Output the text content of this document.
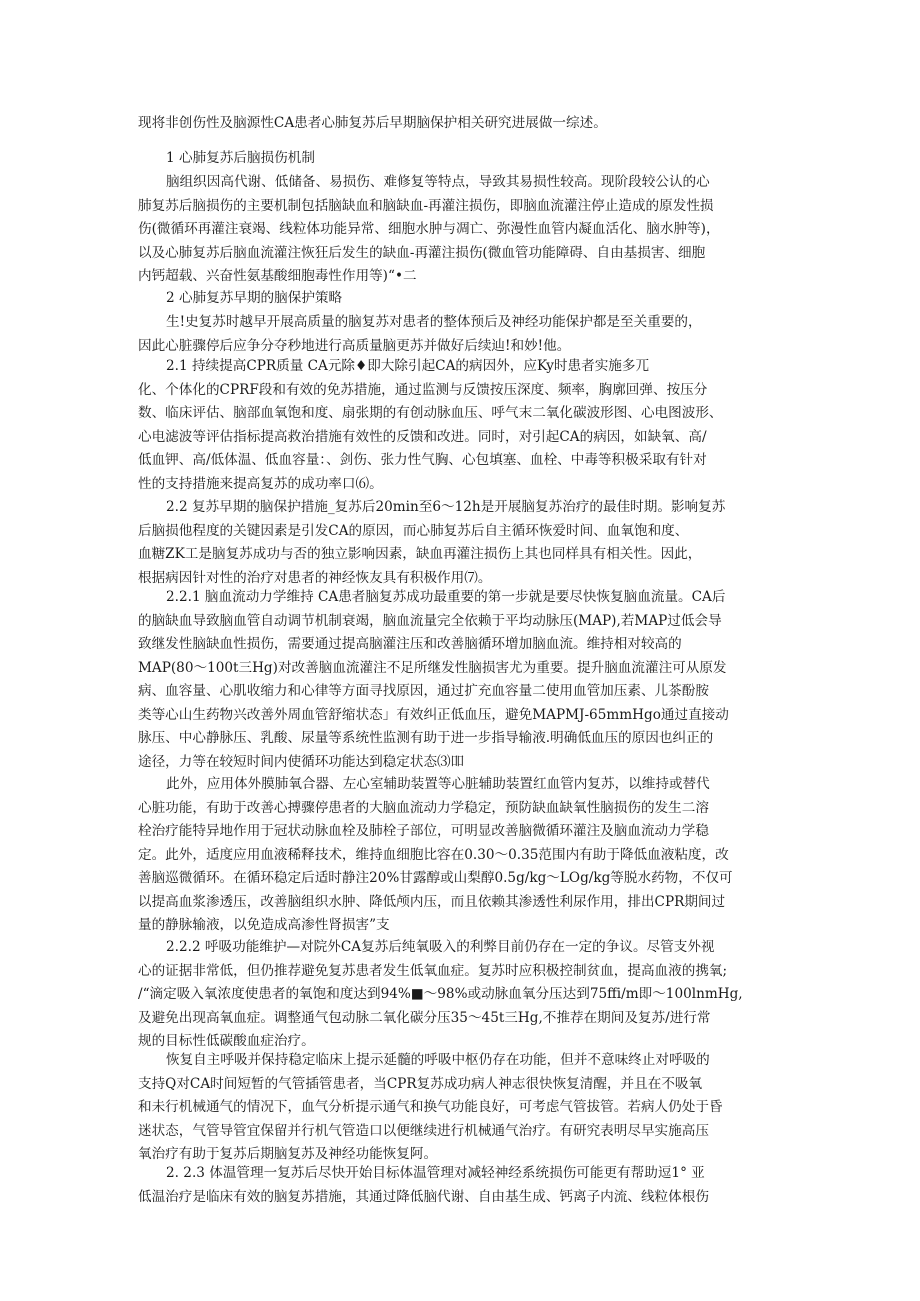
现将非创伤性及脑源性CA患者心肺复苏后早期脑保护相关研究进展做一综述。
1 心肺复苏后脑损伤机制
脑组织因高代谢、低储备、易损伤、难修复等特点，导致其易损性较高。现阶段较公认的心
肺复苏后脑损伤的主要机制包括脑缺血和脑缺血-再灌注损伤，即脑血流灌注停止造成的原发性损
伤(微循环再灌注衰竭、线粒体功能异常、细胞水肿与凋亡、弥漫性血管内凝血活化、脑水肿等)，
以及心肺复苏后脑血流灌注恢狂后发生的缺血-再灌注损伤(微血管功能障碍、自由基损害、细胞
内钙超载、兴奋性氨基酸细胞毒性作用等)“•二
2 心肺复苏早期的脑保护策略
生!史复苏时越早开展高质量的脑复苏对患者的整体预后及神经功能保护都是至关重要的，
因此心脏骤停后应争分夺秒地进行高质量脑更苏并做好后续辿!和妙!他。
2.1 持续提高CPR质量 CA元除♦即大除引起CA的病因外，应Ky时患者实施多兀
化、个体化的CPRF段和有效的免苏措施，通过监测与反馈按压深度、频率，胸廓回弹、按压分
数、临床评估、脑部血氧饱和度、扇张期的有创动脉血压、呼气末二氧化碳波形图、心电图波形、
心电滤波等评估指标提高救治措施有效性的反馈和改进。同时，对引起CA的病因，如缺氧、高/
低血钾、高/低体温、低血容量：、剑伤、张力性气胸、心包填塞、血栓、中毒等积极采取有针对
性的支持措施来提高复苏的成功率口⑹。
2.2 复苏早期的脑保护措施_复苏后20min至6～12h是开展脑复苏治疗的最佳时期。影响复苏
后脑损他程度的关键因素是引发CA的原因，而心肺复苏后自主循环恢爱时间、血氧饱和度、
血糖ZK工是脑复苏成功与否的独立影响因素，缺血再灌注损伤上其也同样具有相关性。因此，
根据病因针对性的治疗对患者的神经恢友具有积极作用⑺。
2.2.1 脑血流动力学维持 CA患者脑复苏成功最重要的第一步就是要尽快恢复脑血流量。CA后
的脑缺血导致脑血管自动调节机制衰竭，脑血流量完全依赖于平均动脉压(MAP),若MAP过低会导
致继发性脑缺血性损伤，需要通过提高脑灌注压和改善脑循环增加脑血流。维持相对较高的
MAP(80～100t三Hg)对改善脑血流灌注不足所继发性脑损害尤为重要。提升脑血流灌注可从原发
病、血容量、心肌收缩力和心律等方面寻找原因，通过扩充血容量二使用血管加压素、儿茶酚胺
类等心山生药物兴改善外周血管舒缩状态」有效纠正低血压，避免MAPMJ-65mmHgo通过直接动
脉压、中心静脉压、乳酸、尿量等系统性监测有助于进一步指导输液.明确低血压的原因也纠正的
途径，力等在较短时间内使循环功能达到稳定状态⑶吅
此外，应用体外膜肺氧合器、左心室辅助装置等心脏辅助装置红血管内复苏，以维持或替代
心脏功能，有助于改善心搏骤停患者的大脑血流动力学稳定，预防缺血缺氧性脑损伤的发生二溶
栓治疗能特异地作用于冠状动脉血栓及肺栓子部位，可明显改善脑微循环灌注及脑血流动力学稳
定。此外，适度应用血液稀释技术，维持血细胞比容在0.30～0.35范围内有助于降低血液粘度，改
善脑巡微循环。在循环稳定后适时静注20%甘露醇或山梨醇0.5g/kg～LOg/kg等脱水药物，不仅可
以提高血浆渗透压，改善脑组织水肿、降低颅内压，而且依赖其渗透性利尿作用，排出CPR期间过
量的静脉输液，以免造成高渗性肾损害”支
2.2.2 呼吸功能维护—对院外CA复苏后纯氧吸入的利弊目前仍存在一定的争议。尽管支外视
心的证据非常低，但仍推荐避免复苏患者发生低氧血症。复苏时应积极控制贫血，提高血液的携氧;
/“滴定吸入氧浓度使患者的氧饱和度达到94%■～98%或动脉血氧分压达到75ffi/m即～100lnmHg,
及避免出现高氧血症。调整通气包动脉二氧化碳分压35～45t三Hg,不推荐在期间及复苏/进行常
规的目标性低碳酸血症治疗。
恢复自主呼吸并保持稳定临床上提示延髓的呼吸中枢仍存在功能，但并不意味终止对呼吸的
支持Q对CA时间短暂的气管插管患者，当CPR复苏成功病人神志很快恢复清醒，并且在不吸氧
和未行机械通气的情况下，血气分析提示通气和换气功能良好，可考虑气管拔管。若病人仍处于昏
迷状态，气管导管宜保留并行机气管造口以便继续进行机械通气治疗。有研究表明尽早实施高压
氧治疗有助于复苏后期脑复苏及神经功能恢复阿。
2. 2.3 体温管理一复苏后尽快开始目标体温管理对减轻神经系统损伤可能更有帮助逗1° 亚
低温治疗是临床有效的脑复苏措施，其通过降低脑代谢、自由基生成、钙离子内流、线粒体根伤
